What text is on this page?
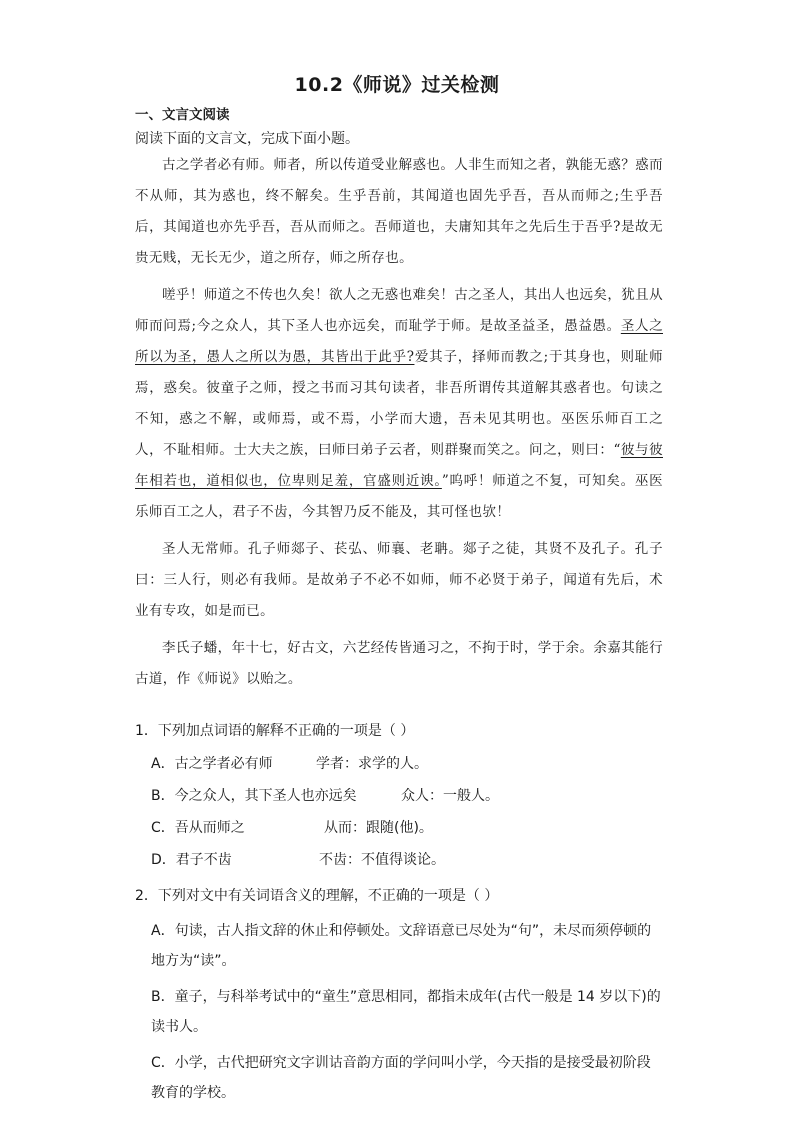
10.2《师说》过关检测
一、文言文阅读
阅读下面的文言文，完成下面小题。

古之学者必有师。师者，所以传道受业解惑也。人非生而知之者，孰能无惑？惑而不从师，其为惑也，终不解矣。生乎吾前，其闻道也固先乎吾，吾从而师之;生乎吾后，其闻道也亦先乎吾，吾从而师之。吾师道也，夫庸知其年之先后生于吾乎?是故无贵无贱，无长无少，道之所存，师之所存也。

嗟乎！师道之不传也久矣！欲人之无惑也难矣！古之圣人，其出人也远矣，犹且从师而问焉;今之众人，其下圣人也亦远矣，而耻学于师。是故圣益圣，愚益愚。圣人之所以为圣，愚人之所以为愚，其皆出于此乎?爱其子，择师而教之;于其身也，则耻师焉，惑矣。彼童子之师，授之书而习其句读者，非吾所谓传其道解其惑者也。句读之不知，惑之不解，或师焉，或不焉，小学而大遗，吾未见其明也。巫医乐师百工之人，不耻相师。士大夫之族，曰师曰弟子云者，则群聚而笑之。问之，则曰：“彼与彼年相若也，道相似也，位卑则足羞，官盛则近谀。”呜呼！师道之不复，可知矣。巫医乐师百工之人，君子不齿，今其智乃反不能及，其可怪也欤！

圣人无常师。孔子师郯子、苌弘、师襄、老聃。郯子之徒，其贤不及孔子。孔子曰：三人行，则必有我师。是故弟子不必不如师，师不必贤于弟子，闻道有先后，术业有专攻，如是而已。

李氏子蟠，年十七，好古文，六艺经传皆通习之，不拘于时，学于余。余嘉其能行古道，作《师说》以贻之。

1．下列加点词语的解释不正确的一项是（ ）
A．古之学者必有师	学者：求学的人。
B．今之众人，其下圣人也亦远矣	众人：一般人。
C．吾从而师之	从而：跟随(他)。
D．君子不齿	不齿：不值得谈论。
2．下列对文中有关词语含义的理解，不正确的一项是（ ）
A．句读，古人指文辞的休止和停顿处。文辞语意已尽处为“句”，未尽而须停顿的地方为“读”。
B．童子，与科举考试中的“童生”意思相同，都指未成年(古代一般是 14 岁以下)的读书人。
C．小学，古代把研究文字训诂音韵方面的学问叫小学，今天指的是接受最初阶段教育的学校。
